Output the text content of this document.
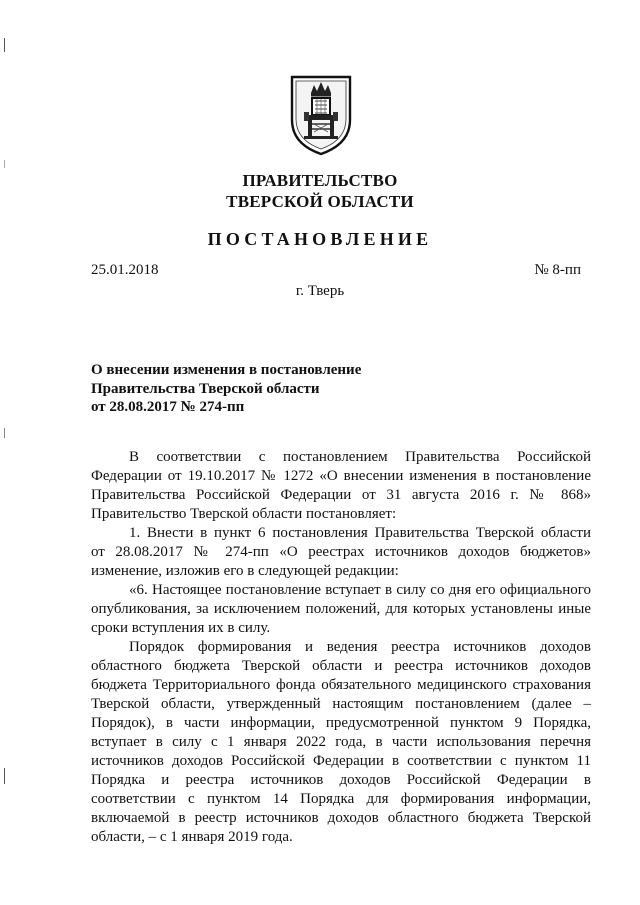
ПРАВИТЕЛЬСТВО
ТВЕРСКОЙ ОБЛАСТИ
ПОСТАНОВЛЕНИЕ
25.01.2018	№ 8-пп
г. Тверь
О внесении изменения в постановление
Правительства Тверской области
от 28.08.2017 № 274-пп
В соответствии с постановлением Правительства Российской
Федерации от 19.10.2017 № 1272 «О внесении изменения в постановление
Правительства Российской Федерации от 31 августа 2016 г. № 868»
Правительство Тверской области постановляет:
1. Внести в пункт 6 постановления Правительства Тверской области
от 28.08.2017 № 274-пп «О реестрах источников доходов бюджетов»
изменение, изложив его в следующей редакции:
«6. Настоящее постановление вступает в силу со дня его официального
опубликования, за исключением положений, для которых установлены иные
сроки вступления их в силу.
Порядок формирования и ведения реестра источников доходов
областного бюджета Тверской области и реестра источников доходов
бюджета Территориального фонда обязательного медицинского страхования
Тверской области, утвержденный настоящим постановлением (далее –
Порядок), в части информации, предусмотренной пунктом 9 Порядка,
вступает в силу с 1 января 2022 года, в части использования перечня
источников доходов Российской Федерации в соответствии с пунктом 11
Порядка и реестра источников доходов Российской Федерации в
соответствии с пунктом 14 Порядка для формирования информации,
включаемой в реестр источников доходов областного бюджета Тверской
области, – с 1 января 2019 года.
